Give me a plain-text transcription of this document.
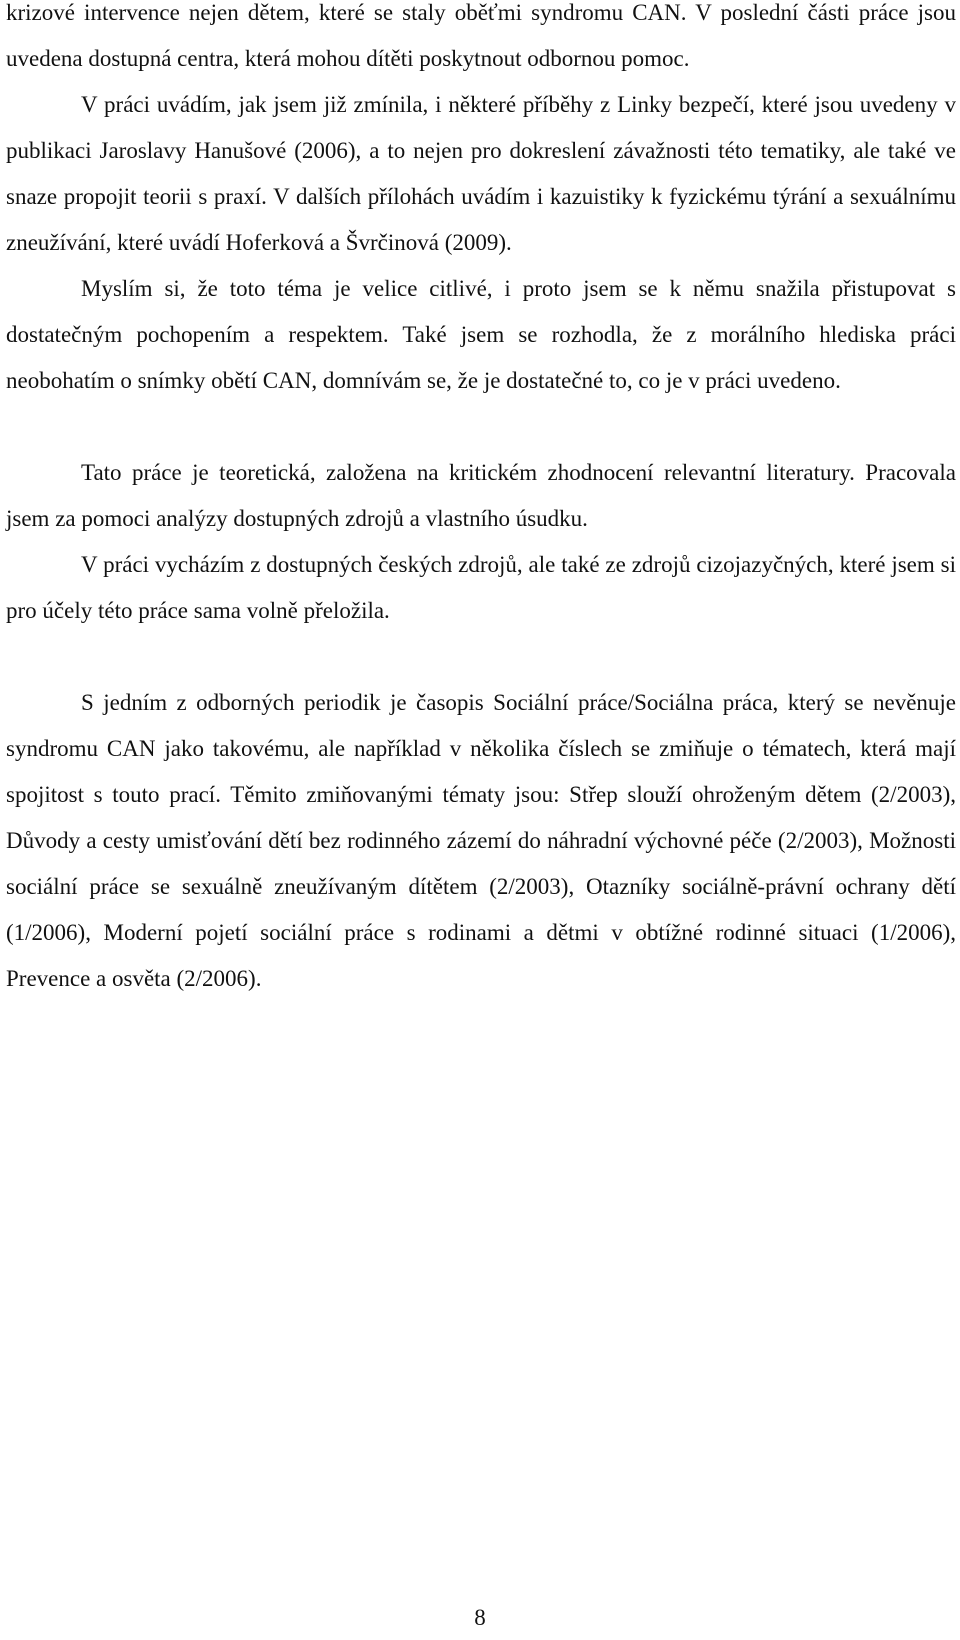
krizové intervence nejen dětem, které se staly oběťmi syndromu CAN. V poslední části práce jsou uvedena dostupná centra, která mohou dítěti poskytnout odbornou pomoc.

V práci uvádím, jak jsem již zmínila, i některé příběhy z Linky bezpečí, které jsou uvedeny v publikaci Jaroslavy Hanušové (2006), a to nejen pro dokreslení závažnosti této tematiky, ale také ve snaze propojit teorii s praxí. V dalších přílohách uvádím i kazuistiky k fyzickému týrání a sexuálnímu zneužívání, které uvádí Hoferková a Švrčinová (2009).

Myslím si, že toto téma je velice citlivé, i proto jsem se k němu snažila přistupovat s dostatečným pochopením a respektem. Také jsem se rozhodla, že z morálního hlediska práci neobohatím o snímky obětí CAN, domnívám se, že je dostatečné to, co je v práci uvedeno.

Tato práce je teoretická, založena na kritickém zhodnocení relevantní literatury. Pracovala jsem za pomoci analýzy dostupných zdrojů a vlastního úsudku.

V práci vycházím z dostupných českých zdrojů, ale také ze zdrojů cizojazyčných, které jsem si pro účely této práce sama volně přeložila.

S jedním z odborných periodik je časopis Sociální práce/Sociálna práca, který se nevěnuje syndromu CAN jako takovému, ale například v několika číslech se zmiňuje o tématech, která mají spojitost s touto prací. Těmito zmiňovanými tématy jsou: Střep slouží ohroženým dětem (2/2003), Důvody a cesty umisťování dětí bez rodinného zázemí do náhradní výchovné péče (2/2003), Možnosti sociální práce se sexuálně zneužívaným dítětem (2/2003), Otazníky sociálně-právní ochrany dětí (1/2006), Moderní pojetí sociální práce s rodinami a dětmi v obtížné rodinné situaci (1/2006), Prevence a osvěta (2/2006).

8
